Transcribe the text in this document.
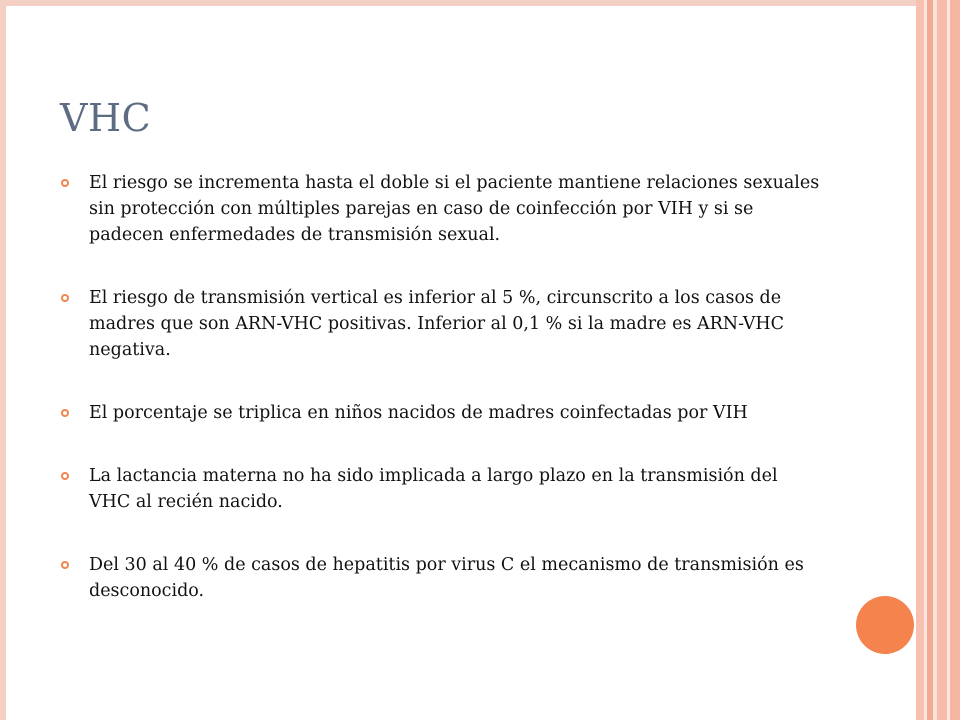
VHC
El riesgo se incrementa hasta el doble si el paciente mantiene relaciones sexuales sin protección con múltiples parejas en caso de coinfección por VIH y si se padecen enfermedades de transmisión sexual.
El riesgo de transmisión vertical es inferior al 5 %, circunscrito a los casos de madres que son ARN-VHC positivas. Inferior al 0,1 % si la madre es ARN-VHC negativa.
El porcentaje se triplica en niños nacidos de madres coinfectadas por VIH
La lactancia materna no ha sido implicada a largo plazo en la transmisión del VHC al recién nacido.
Del 30 al 40 % de casos de hepatitis por virus C el mecanismo de transmisión es desconocido.
